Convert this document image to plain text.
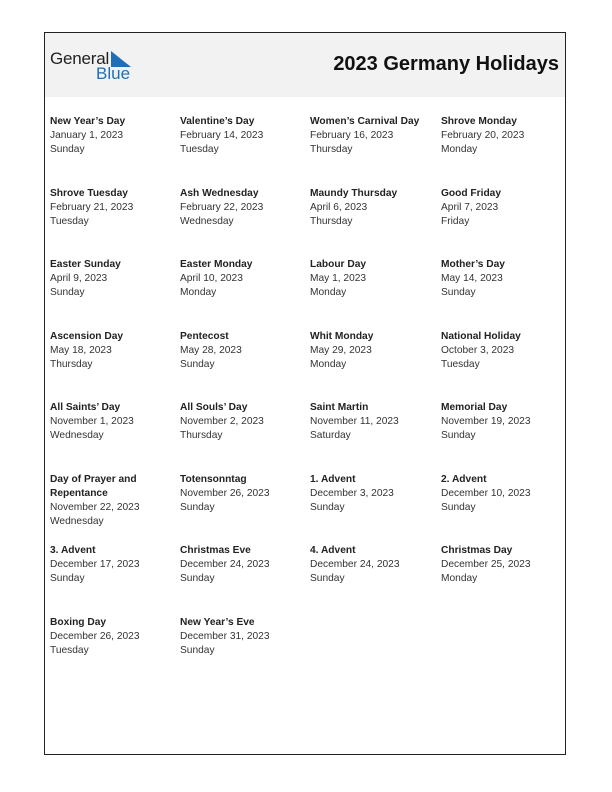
General
Blue	2023 Germany Holidays
New Year’s Day
January 1, 2023
Sunday
Valentine’s Day
February 14, 2023
Tuesday
Women’s Carnival Day
February 16, 2023
Thursday
Shrove Monday
February 20, 2023
Monday
Shrove Tuesday
February 21, 2023
Tuesday
Ash Wednesday
February 22, 2023
Wednesday
Maundy Thursday
April 6, 2023
Thursday
Good Friday
April 7, 2023
Friday
Easter Sunday
April 9, 2023
Sunday
Easter Monday
April 10, 2023
Monday
Labour Day
May 1, 2023
Monday
Mother’s Day
May 14, 2023
Sunday
Ascension Day
May 18, 2023
Thursday
Pentecost
May 28, 2023
Sunday
Whit Monday
May 29, 2023
Monday
National Holiday
October 3, 2023
Tuesday
All Saints’ Day
November 1, 2023
Wednesday
All Souls’ Day
November 2, 2023
Thursday
Saint Martin
November 11, 2023
Saturday
Memorial Day
November 19, 2023
Sunday
Day of Prayer and Repentance
November 22, 2023
Wednesday
Totensonntag
November 26, 2023
Sunday
1. Advent
December 3, 2023
Sunday
2. Advent
December 10, 2023
Sunday
3. Advent
December 17, 2023
Sunday
Christmas Eve
December 24, 2023
Sunday
4. Advent
December 24, 2023
Sunday
Christmas Day
December 25, 2023
Monday
Boxing Day
December 26, 2023
Tuesday
New Year’s Eve
December 31, 2023
Sunday
